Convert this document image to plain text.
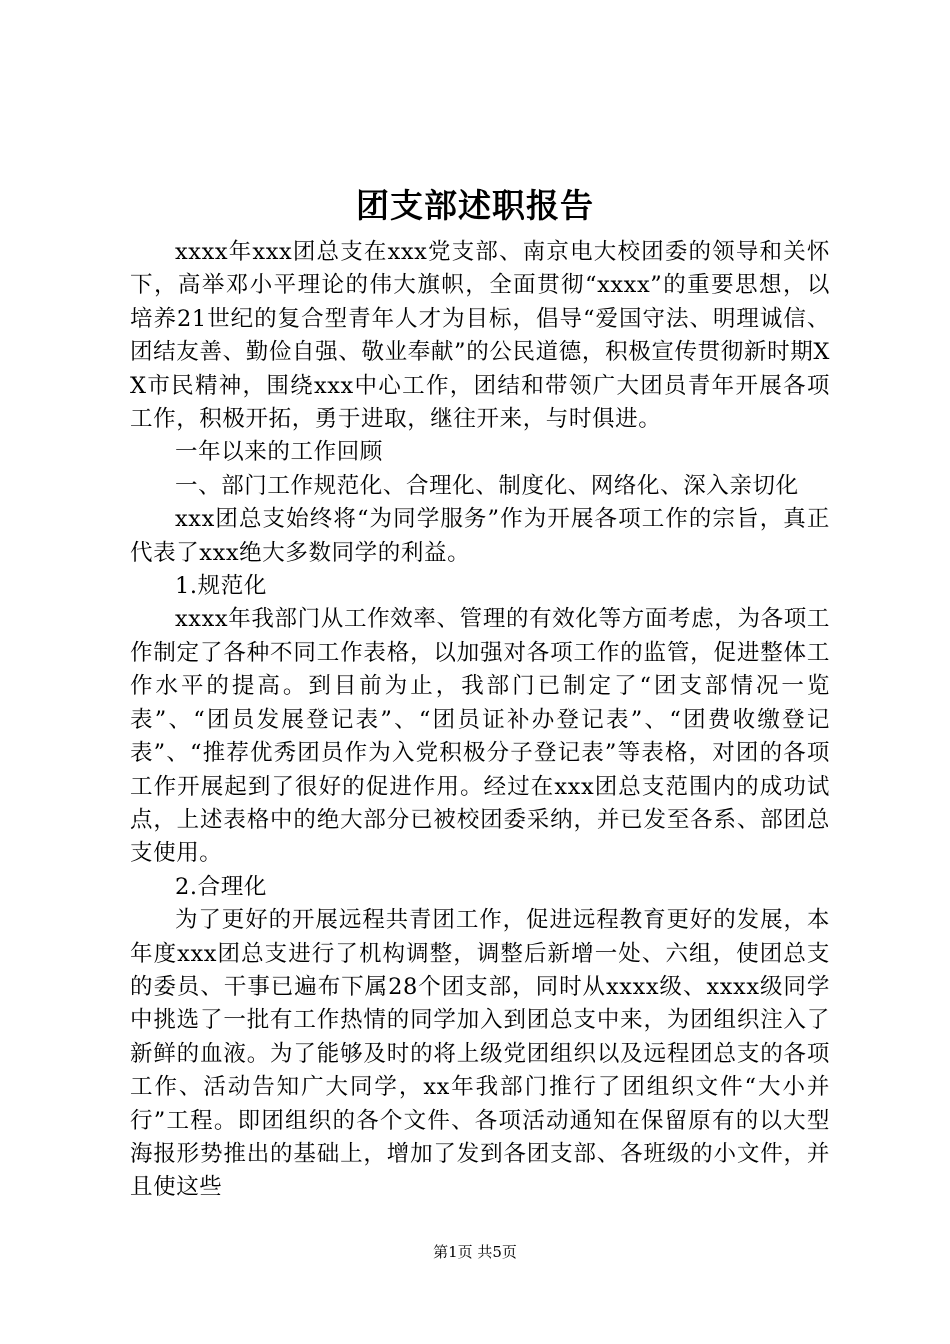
团支部述职报告

xxxx年xxx团总支在xxx党支部、南京电大校团委的领导和关怀下，高举邓小平理论的伟大旗帜，全面贯彻“xxxx”的重要思想，以培养21世纪的复合型青年人才为目标，倡导“爱国守法、明理诚信、团结友善、勤俭自强、敬业奉献”的公民道德，积极宣传贯彻新时期XX市民精神，围绕xxx中心工作，团结和带领广大团员青年开展各项工作，积极开拓，勇于进取，继往开来，与时俱进。

一年以来的工作回顾

一、部门工作规范化、合理化、制度化、网络化、深入亲切化

xxx团总支始终将“为同学服务”作为开展各项工作的宗旨，真正代表了xxx绝大多数同学的利益。

1.规范化

xxxx年我部门从工作效率、管理的有效化等方面考虑，为各项工作制定了各种不同工作表格，以加强对各项工作的监管，促进整体工作水平的提高。到目前为止，我部门已制定了“团支部情况一览表”、“团员发展登记表”、“团员证补办登记表”、“团费收缴登记表”、“推荐优秀团员作为入党积极分子登记表”等表格，对团的各项工作开展起到了很好的促进作用。经过在xxx团总支范围内的成功试点，上述表格中的绝大部分已被校团委采纳，并已发至各系、部团总支使用。

2.合理化

为了更好的开展远程共青团工作，促进远程教育更好的发展，本年度xxx团总支进行了机构调整，调整后新增一处、六组，使团总支的委员、干事已遍布下属28个团支部，同时从xxxx级、xxxx级同学中挑选了一批有工作热情的同学加入到团总支中来，为团组织注入了新鲜的血液。为了能够及时的将上级党团组织以及远程团总支的各项工作、活动告知广大同学，xx年我部门推行了团组织文件“大小并行”工程。即团组织的各个文件、各项活动通知在保留原有的以大型海报形势推出的基础上，增加了发到各团支部、各班级的小文件，并且使这些

第1页 共5页
